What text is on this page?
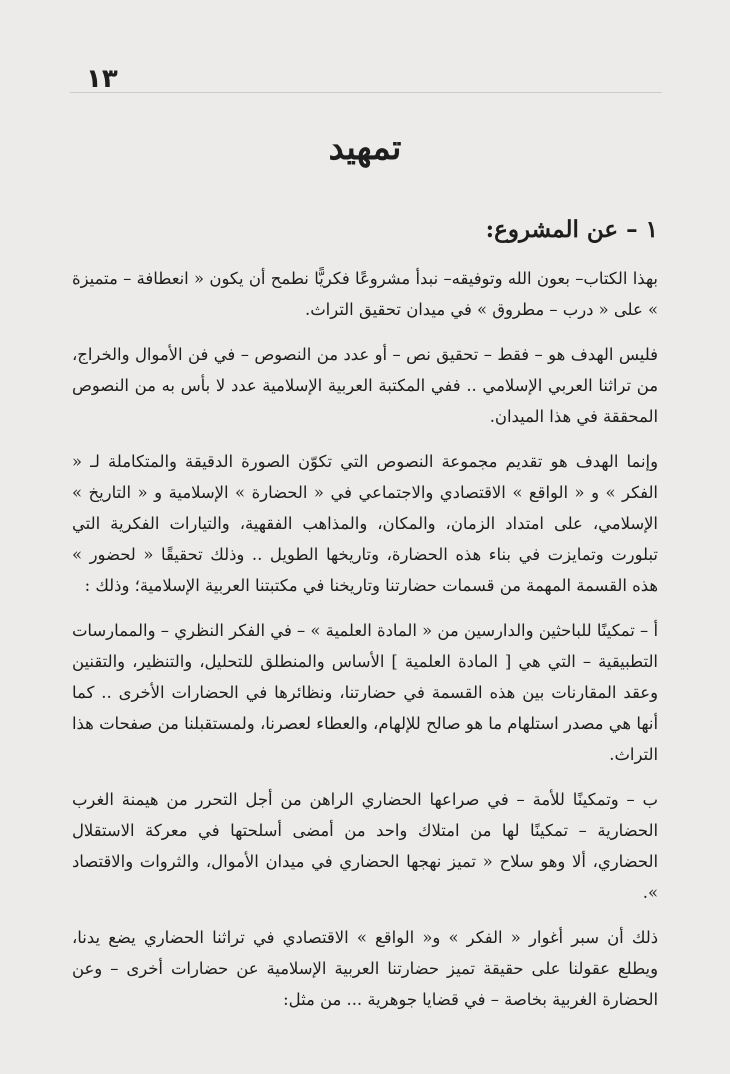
١٣
تمهيد
١ – عن المشروع:

بهذا الكتاب– بعون الله وتوفيقه– نبدأ مشروعًا فكريًّا نطمح أن يكون « انعطافة – متميزة » على « درب – مطروق » في ميدان تحقيق التراث.

فليس الهدف هو – فقط – تحقيق نص – أو عدد من النصوص – في فن الأموال والخراج، من تراثنا العربي الإسلامي .. ففي المكتبة العربية الإسلامية عدد لا بأس به من النصوص المحققة في هذا الميدان.

وإنما الهدف هو تقديم مجموعة النصوص التي تكوّن الصورة الدقيقة والمتكاملة لـ « الفكر » و « الواقع » الاقتصادي والاجتماعي في « الحضارة » الإسلامية و « التاريخ » الإسلامي، على امتداد الزمان، والمكان، والمذاهب الفقهية، والتيارات الفكرية التي تبلورت وتمايزت في بناء هذه الحضارة، وتاريخها الطويل .. وذلك تحقيقًا « لحضور » هذه القسمة المهمة من قسمات حضارتنا وتاريخنا في مكتبتنا العربية الإسلامية؛ وذلك :

أ – تمكينًا للباحثين والدارسين من « المادة العلمية » – في الفكر النظري – والممارسات التطبيقية – التي هي [ المادة العلمية ] الأساس والمنطلق للتحليل، والتنظير، والتقنين وعقد المقارنات بين هذه القسمة في حضارتنا، ونظائرها في الحضارات الأخرى .. كما أنها هي مصدر استلهام ما هو صالح للإلهام، والعطاء لعصرنا، ولمستقبلنا من صفحات هذا التراث.

ب – وتمكينًا للأمة – في صراعها الحضاري الراهن من أجل التحرر من هيمنة الغرب الحضارية – تمكينًا لها من امتلاك واحد من أمضى أسلحتها في معركة الاستقلال الحضاري، ألا وهو سلاح « تميز نهجها الحضاري في ميدان الأموال، والثروات والاقتصاد ».

ذلك أن سبر أغوار « الفكر » و« الواقع » الاقتصادي في تراثنا الحضاري يضع يدنا، ويطلع عقولنا على حقيقة تميز حضارتنا العربية الإسلامية عن حضارات أخرى – وعن الحضارة الغربية بخاصة – في قضايا جوهرية ... من مثل:
